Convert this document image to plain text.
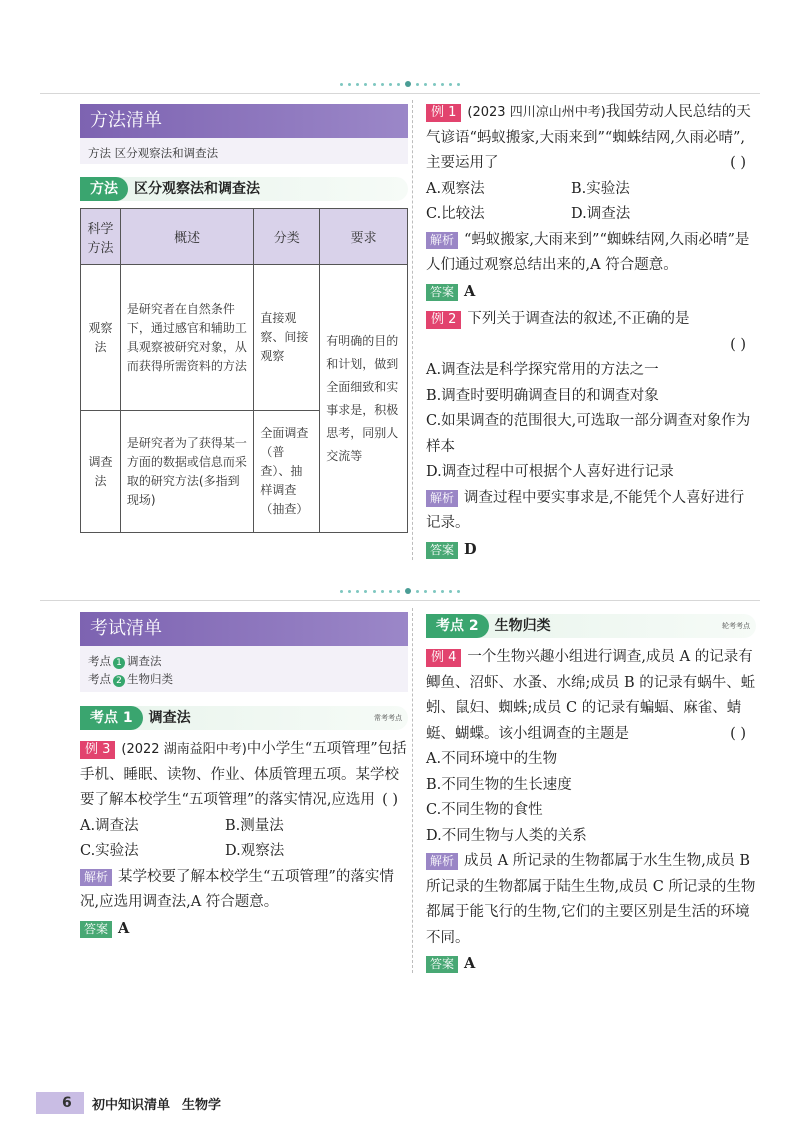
方法清单
方法 区分观察法和调查法
方法 区分观察法和调查法
科学方法	概述	分类	要求
观察法	是研究者在自然条件下，通过感官和辅助工具观察被研究对象，从而获得所需资料的方法	直接观察、间接观察	有明确的目的和计划，做到全面细致和实事求是，积极思考，同别人交流等
调查法	是研究者为了获得某一方面的数据或信息而采取的研究方法(多指到现场)	全面调查（普查）、抽样调查（抽查）	
例 1 (2023 四川凉山州中考)我国劳动人民总结的天气谚语“蚂蚁搬家,大雨来到”“蜘蛛结网,久雨必晴”,主要运用了	( )
A.观察法	B.实验法
C.比较法	D.调查法
解析 “蚂蚁搬家,大雨来到”“蜘蛛结网,久雨必晴”是人们通过观察总结出来的,A 符合题意。
答案 A
例 2 下列关于调查法的叙述,不正确的是
( )
A.调查法是科学探究常用的方法之一
B.调查时要明确调查目的和调查对象
C.如果调查的范围很大,可选取一部分调查对象作为样本
D.调查过程中可根据个人喜好进行记录
解析 调查过程中要实事求是,不能凭个人喜好进行记录。
答案 D
考试清单
考点 1 调查法
考点 2 生物归类
考点 1 调查法	常考考点
例 3 (2022 湖南益阳中考)中小学生“五项管理”包括手机、睡眠、读物、作业、体质管理五项。某学校要了解本校学生“五项管理”的落实情况,应选用 ( )
A.调查法	B.测量法
C.实验法	D.观察法
解析 某学校要了解本校学生“五项管理”的落实情况,应选用调查法,A 符合题意。
答案 A
考点 2 生物归类	轮考考点
例 4 一个生物兴趣小组进行调查,成员 A 的记录有鲫鱼、沼虾、水蚤、水绵;成员 B 的记录有蜗牛、蚯蚓、鼠妇、蜘蛛;成员 C 的记录有蝙蝠、麻雀、蜻蜓、蝴蝶。该小组调查的主题是	( )
A.不同环境中的生物
B.不同生物的生长速度
C.不同生物的食性
D.不同生物与人类的关系
解析 成员 A 所记录的生物都属于水生生物,成员 B 所记录的生物都属于陆生生物,成员 C 所记录的生物都属于能飞行的生物,它们的主要区别是生活的环境不同。
答案 A
6	初中知识清单 生物学
